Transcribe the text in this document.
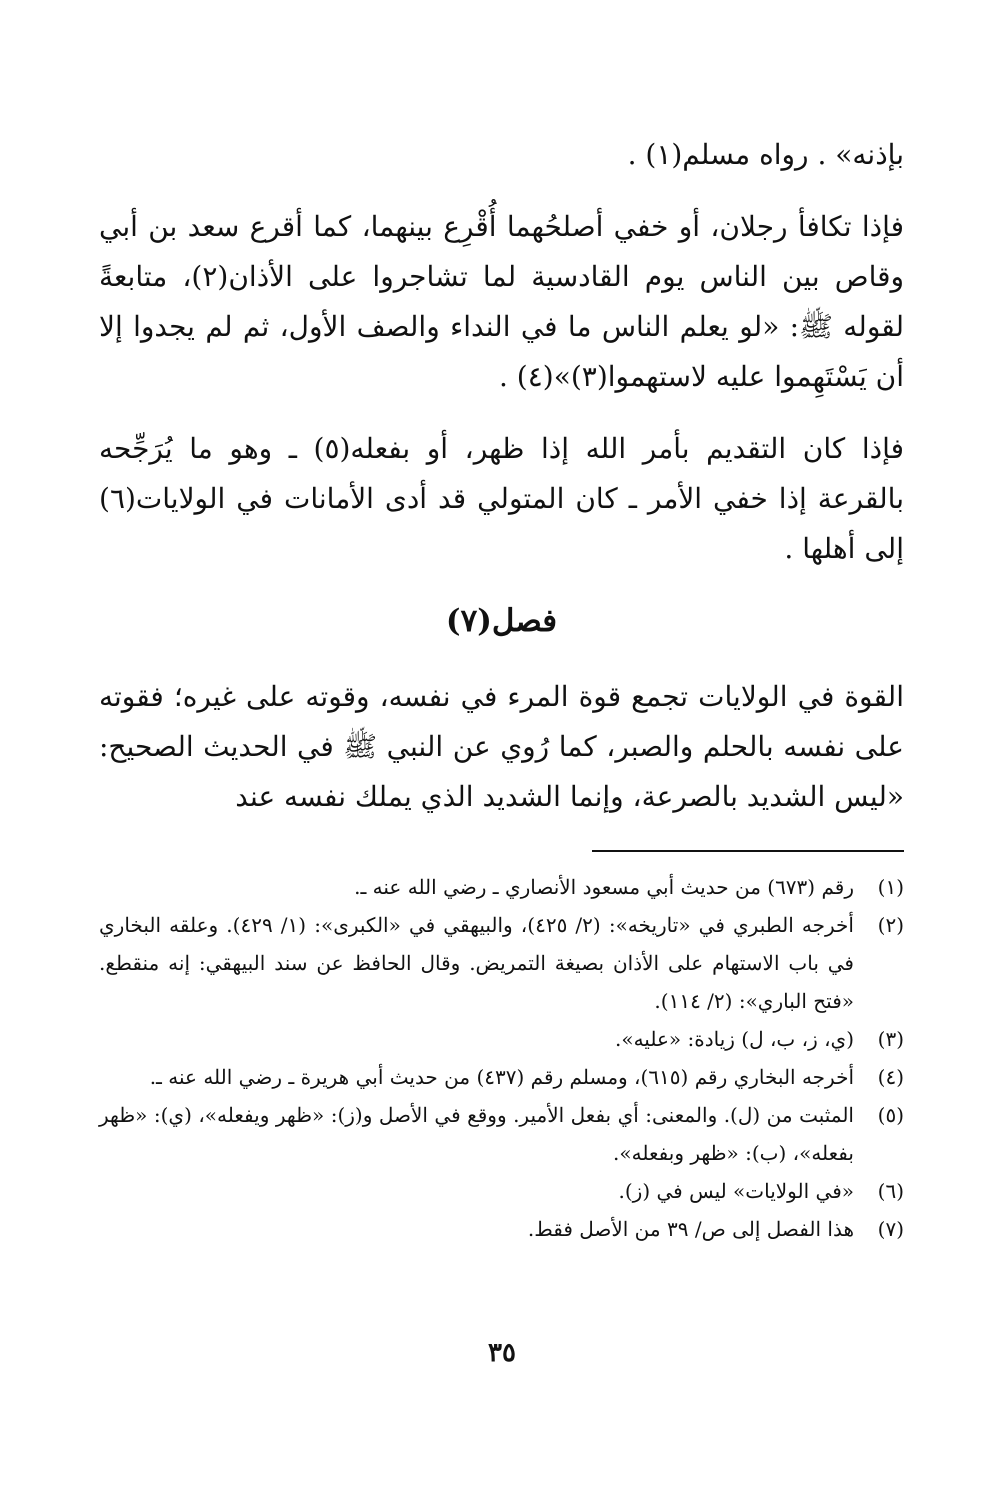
بإذنه» . رواه مسلم(١) .

فإذا تكافأ رجلان، أو خفي أصلحُهما أُقْرِع بينهما، كما أقرع سعد بن أبي وقاص بين الناس يوم القادسية لما تشاجروا على الأذان(٢)، متابعةً لقوله ﷺ: «لو يعلم الناس ما في النداء والصف الأول، ثم لم يجدوا إلا أن يَسْتَهِموا عليه لاستهموا(٣)»(٤) .

فإذا كان التقديم بأمر الله إذا ظهر، أو بفعله(٥) ـ وهو ما يُرَجِّحه بالقرعة إذا خفي الأمر ـ كان المتولي قد أدى الأمانات في الولايات(٦) إلى أهلها .

فصل(٧)

القوة في الولايات تجمع قوة المرء في نفسه، وقوته على غيره؛ فقوته على نفسه بالحلم والصبر، كما رُوي عن النبي ﷺ في الحديث الصحيح: «ليس الشديد بالصرعة، وإنما الشديد الذي يملك نفسه عند

(١)
رقم (٦٧٣) من حديث أبي مسعود الأنصاري ـ رضي الله عنه ـ.
(٢)
أخرجه الطبري في «تاريخه»: (٢/ ٤٢٥)، والبيهقي في «الكبرى»: (١/ ٤٢٩). وعلقه البخاري في باب الاستهام على الأذان بصيغة التمريض. وقال الحافظ عن سند البيهقي: إنه منقطع. «فتح الباري»: (٢/ ١١٤).
(٣)
(ي، ز، ب، ل) زيادة: «عليه».
(٤)
أخرجه البخاري رقم (٦١٥)، ومسلم رقم (٤٣٧) من حديث أبي هريرة ـ رضي الله عنه ـ.
(٥)
المثبت من (ل). والمعنى: أي بفعل الأمير. ووقع في الأصل و(ز): «ظهر ويفعله»، (ي): «ظهر بفعله»، (ب): «ظهر وبفعله».
(٦)
«في الولايات» ليس في (ز).
(٧)
هذا الفصل إلى ص/ ٣٩ من الأصل فقط.
٣٥
